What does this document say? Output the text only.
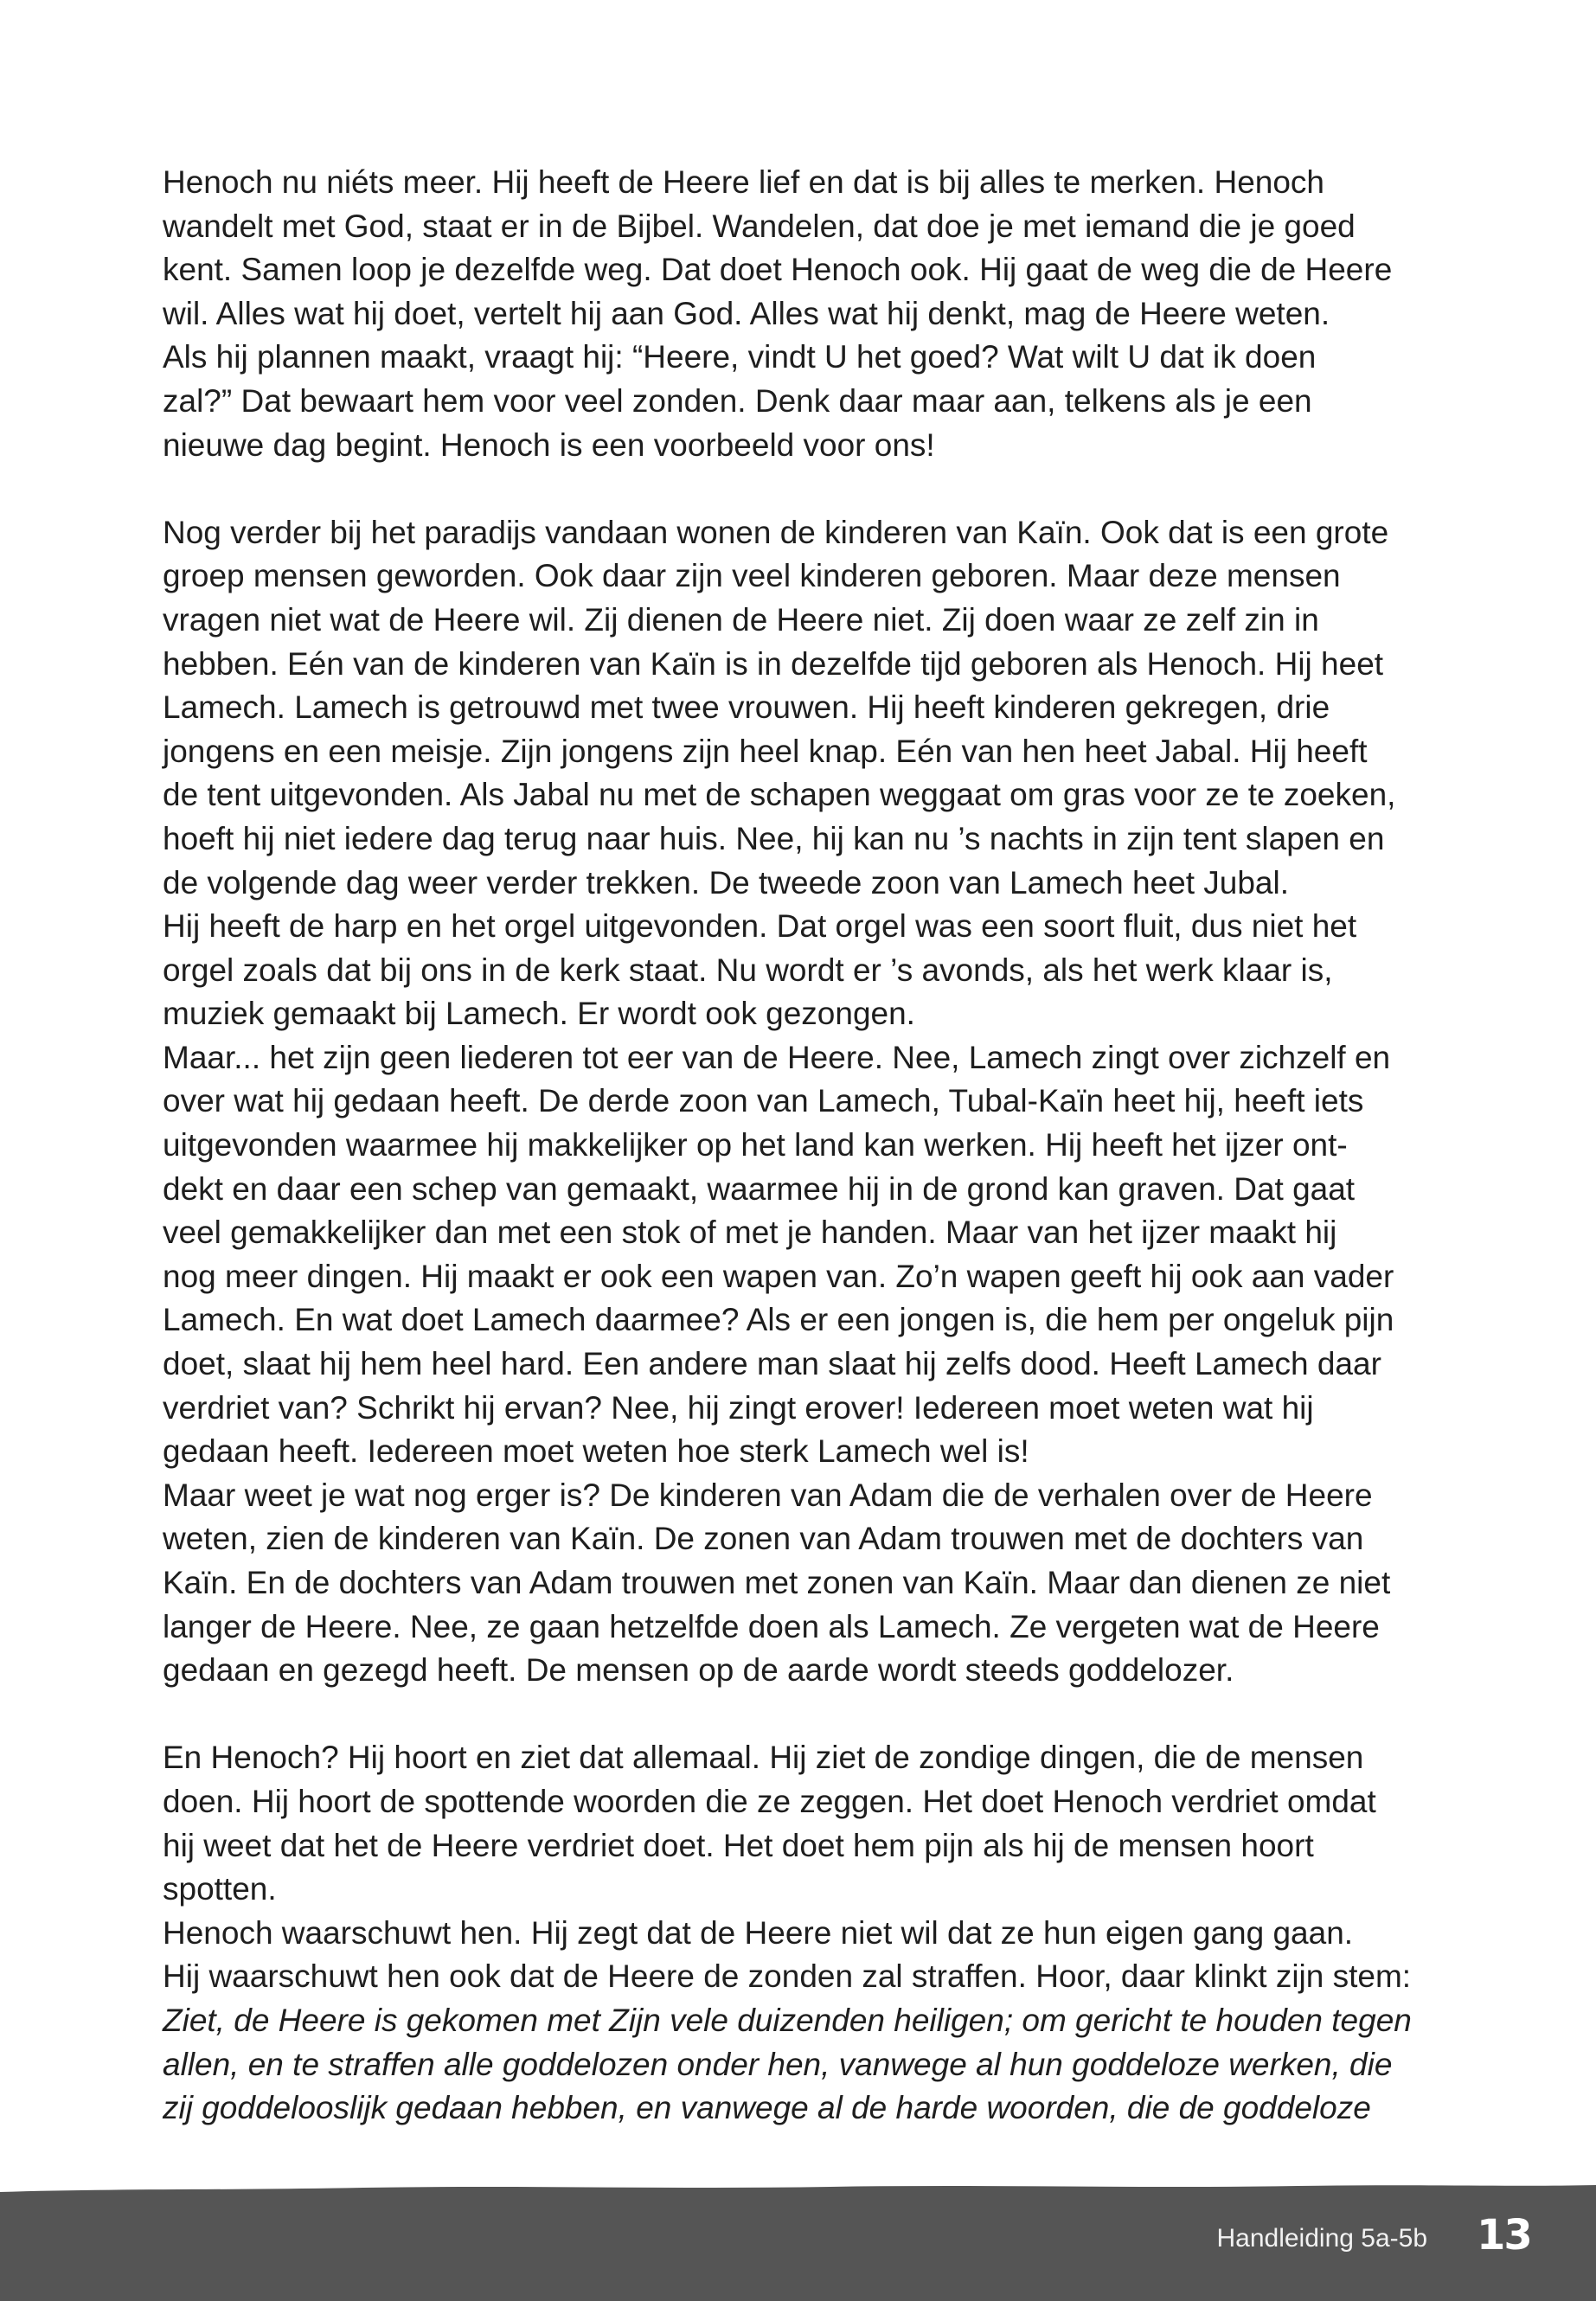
Henoch nu niéts meer. Hij heeft de Heere lief en dat is bij alles te merken. Henoch
wandelt met God, staat er in de Bijbel. Wandelen, dat doe je met iemand die je goed
kent. Samen loop je dezelfde weg. Dat doet Henoch ook. Hij gaat de weg die de Heere
wil. Alles wat hij doet, vertelt hij aan God. Alles wat hij denkt, mag de Heere weten.
Als hij plannen maakt, vraagt hij: “Heere, vindt U het goed? Wat wilt U dat ik doen
zal?” Dat bewaart hem voor veel zonden. Denk daar maar aan, telkens als je een
nieuwe dag begint. Henoch is een voorbeeld voor ons!
Nog verder bij het paradijs vandaan wonen de kinderen van Kaïn. Ook dat is een grote
groep mensen geworden. Ook daar zijn veel kinderen geboren. Maar deze mensen
vragen niet wat de Heere wil. Zij dienen de Heere niet. Zij doen waar ze zelf zin in
hebben. Eén van de kinderen van Kaïn is in dezelfde tijd geboren als Henoch. Hij heet
Lamech. Lamech is getrouwd met twee vrouwen. Hij heeft kinderen gekregen, drie
jongens en een meisje. Zijn jongens zijn heel knap. Eén van hen heet Jabal. Hij heeft
de tent uitgevonden. Als Jabal nu met de schapen weggaat om gras voor ze te zoeken,
hoeft hij niet iedere dag terug naar huis. Nee, hij kan nu ’s nachts in zijn tent slapen en
de volgende dag weer verder trekken. De tweede zoon van Lamech heet Jubal.
Hij heeft de harp en het orgel uitgevonden. Dat orgel was een soort fluit, dus niet het
orgel zoals dat bij ons in de kerk staat. Nu wordt er ’s avonds, als het werk klaar is,
muziek gemaakt bij Lamech. Er wordt ook gezongen.
Maar... het zijn geen liederen tot eer van de Heere. Nee, Lamech zingt over zichzelf en
over wat hij gedaan heeft. De derde zoon van Lamech, Tubal-Kaïn heet hij, heeft iets
uitgevonden waarmee hij makkelijker op het land kan werken. Hij heeft het ijzer ont-
dekt en daar een schep van gemaakt, waarmee hij in de grond kan graven. Dat gaat
veel gemakkelijker dan met een stok of met je handen. Maar van het ijzer maakt hij
nog meer dingen. Hij maakt er ook een wapen van. Zo’n wapen geeft hij ook aan vader
Lamech. En wat doet Lamech daarmee? Als er een jongen is, die hem per ongeluk pijn
doet, slaat hij hem heel hard. Een andere man slaat hij zelfs dood. Heeft Lamech daar
verdriet van? Schrikt hij ervan? Nee, hij zingt erover! Iedereen moet weten wat hij
gedaan heeft. Iedereen moet weten hoe sterk Lamech wel is!
Maar weet je wat nog erger is? De kinderen van Adam die de verhalen over de Heere
weten, zien de kinderen van Kaïn. De zonen van Adam trouwen met de dochters van
Kaïn. En de dochters van Adam trouwen met zonen van Kaïn. Maar dan dienen ze niet
langer de Heere. Nee, ze gaan hetzelfde doen als Lamech. Ze vergeten wat de Heere
gedaan en gezegd heeft. De mensen op de aarde wordt steeds goddelozer.
En Henoch? Hij hoort en ziet dat allemaal. Hij ziet de zondige dingen, die de mensen
doen. Hij hoort de spottende woorden die ze zeggen. Het doet Henoch verdriet omdat
hij weet dat het de Heere verdriet doet. Het doet hem pijn als hij de mensen hoort
spotten.
Henoch waarschuwt hen. Hij zegt dat de Heere niet wil dat ze hun eigen gang gaan.
Hij waarschuwt hen ook dat de Heere de zonden zal straffen. Hoor, daar klinkt zijn stem:
Ziet, de Heere is gekomen met Zijn vele duizenden heiligen; om gericht te houden tegen
allen, en te straffen alle goddelozen onder hen, vanwege al hun goddeloze werken, die
zij goddelooslijk gedaan hebben, en vanwege al de harde woorden, die de goddeloze
Handleiding 5a-5b 13
